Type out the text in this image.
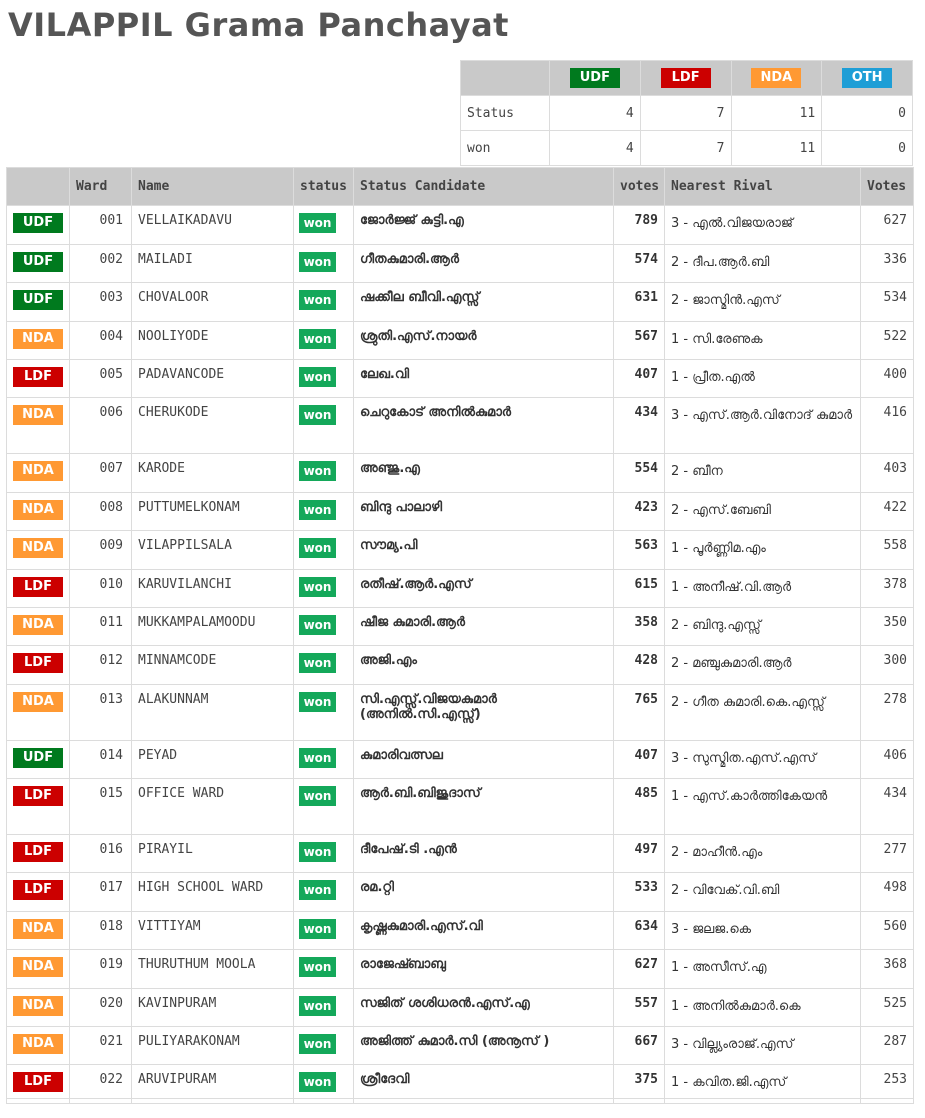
VILAPPIL Grama Panchayat
	UDF	LDF	NDA	OTH
Status	4	7	11	0
won	4	7	11	0
	Ward	Name	status	Status Candidate	votes	Nearest Rival	Votes
UDF	001	VELLAIKADAVU	won	ജോർജ്ജ് കുട്ടി.എ	789	3 - എൽ.വിജയരാജ്	627
UDF	002	MAILADI	won	ഗീതകുമാരി.ആർ	574	2 - ദീപ.ആർ.ബി	336
UDF	003	CHOVALOOR	won	ഷക്കീല ബീവി.എസ്സ്	631	2 - ജാസ്മിൻ.എസ്	534
NDA	004	NOOLIYODE	won	ശ്രുതി.എസ്.നായർ	567	1 - സി.രേണുക	522
LDF	005	PADAVANCODE	won	ലേഖ.വി	407	1 - പ്രീത.എൽ	400
NDA	006	CHERUKODE	won	ചെറുകോട് അനിൽകുമാർ	434	3 - എസ്.ആർ.വിനോദ് കുമാർ	416
NDA	007	KARODE	won	അഞ്ജു.എ	554	2 - ബീന	403
NDA	008	PUTTUMELKONAM	won	ബിന്ദു പാലാഴി	423	2 - എസ്.ബേബി	422
NDA	009	VILAPPILSALA	won	സൗമ്യ.പി	563	1 - പൂർണ്ണിമ.എം	558
LDF	010	KARUVILANCHI	won	രതീഷ്.ആർ.എസ്	615	1 - അനീഷ്.വി.ആർ	378
NDA	011	MUKKAMPALAMOODU	won	ഷീജ കുമാരി.ആർ	358	2 - ബിന്ദു.എസ്സ്	350
LDF	012	MINNAMCODE	won	അജി.എം	428	2 - മഞ്ചുകുമാരി.ആർ	300
NDA	013	ALAKUNNAM	won	സി.എസ്സ്.വിജയകുമാർ (അനിൽ.സി.എസ്സ്)	765	2 - ഗീത കുമാരി.കെ.എസ്സ്	278
UDF	014	PEYAD	won	കുമാരിവത്സല	407	3 - സുസ്മിത.എസ്.എസ്	406
LDF	015	OFFICE WARD	won	ആർ.ബി.ബിജുദാസ്	485	1 - എസ്.കാർത്തികേയൻ	434
LDF	016	PIRAYIL	won	ദീപേഷ്.ടി .എൻ	497	2 - മാഹീൻ.എം	277
LDF	017	HIGH SCHOOL WARD	won	രമ.റ്റി	533	2 - വിവേക്.വി.ബി	498
NDA	018	VITTIYAM	won	കൃഷ്ണകുമാരി.എസ്.വി	634	3 - ജലജ.കെ	560
NDA	019	THURUTHUM MOOLA	won	രാജേഷ്ബാബു	627	1 - അസീസ്.എ	368
NDA	020	KAVINPURAM	won	സജിത് ശശിധരൻ.എസ്.എ	557	1 - അനിൽകുമാർ.കെ	525
NDA	021	PULIYARAKONAM	won	അജിത്ത് കുമാർ.സി (അനൂസ് )	667	3 - വില്ല്യംരാജ്.എസ്	287
LDF	022	ARUVIPURAM	won	ശ്രീദേവി	375	1 - കവിത.ജി.എസ്	253
